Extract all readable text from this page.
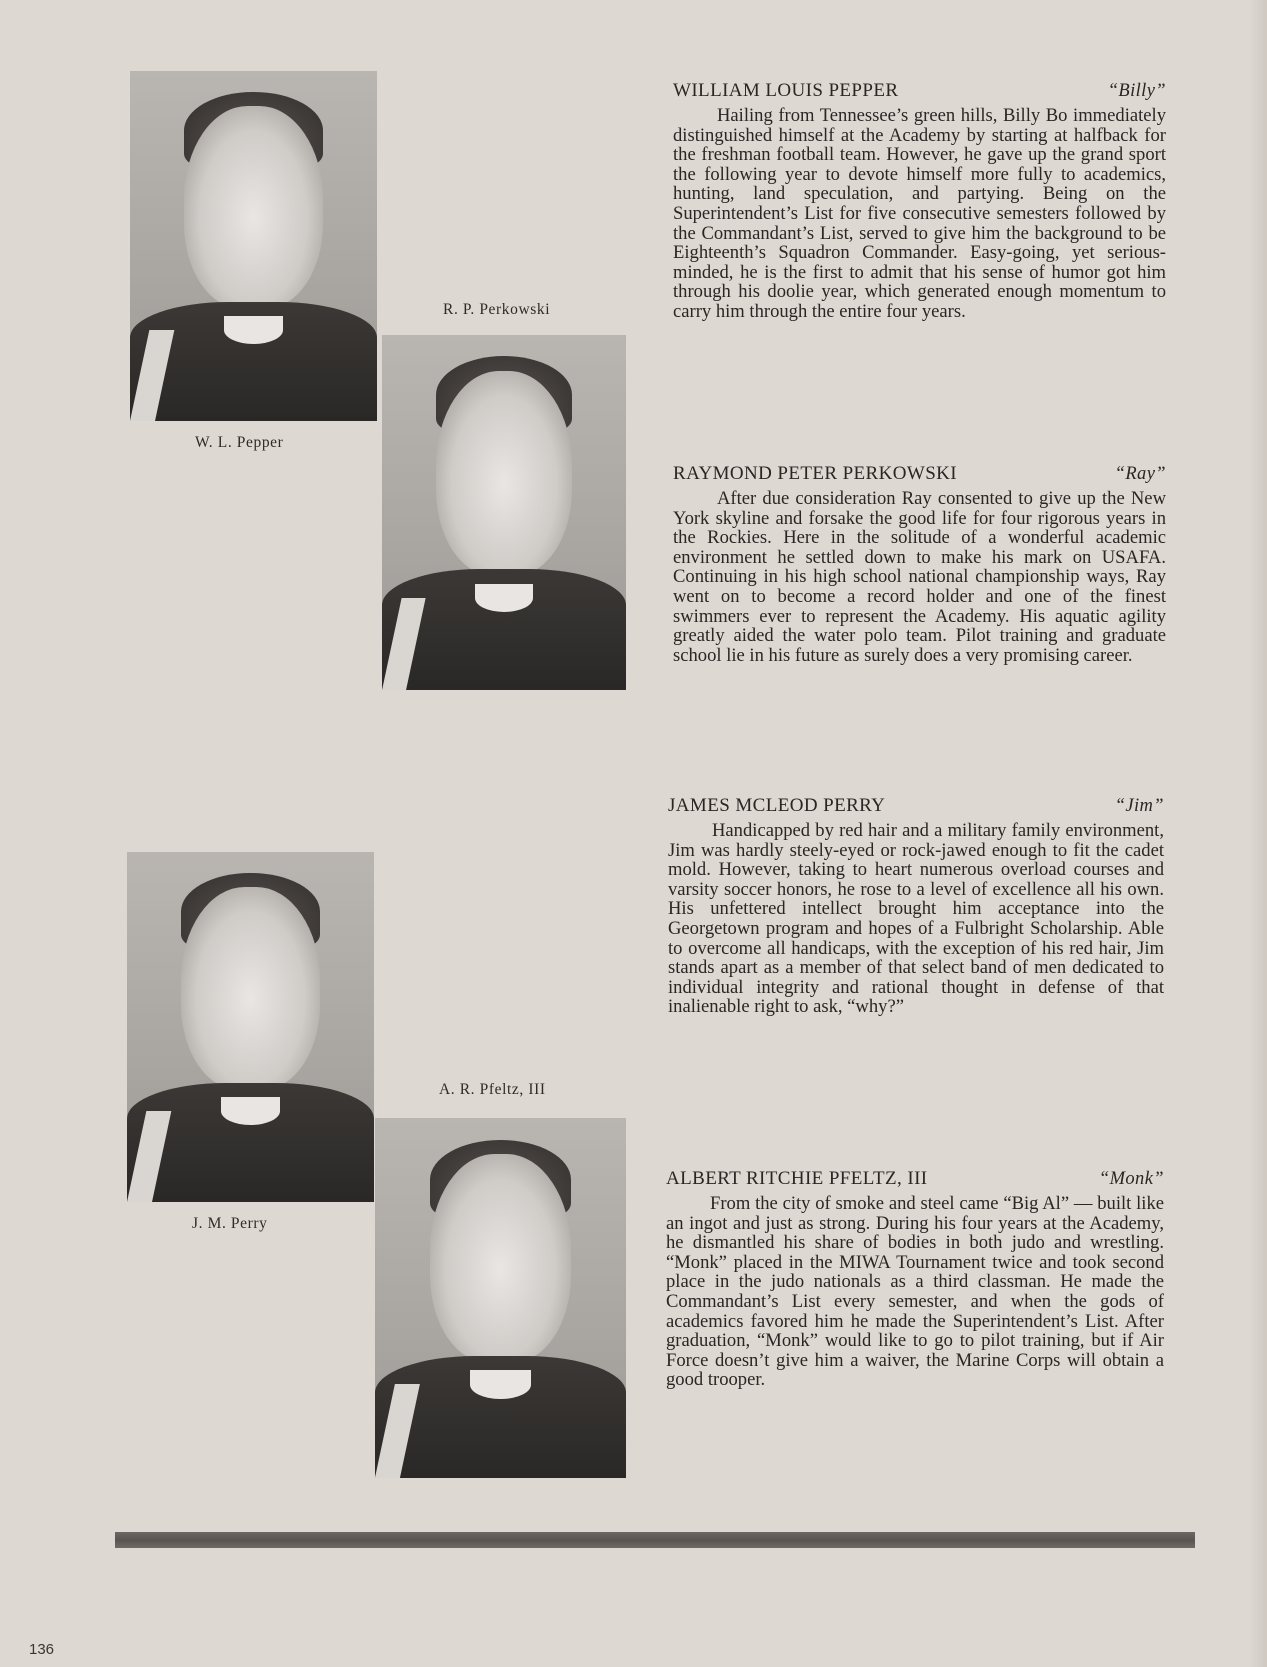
W. L. Pepper
R. P. Perkowski
J. M. Perry
A. R. Pfeltz, III
WILLIAM LOUIS PEPPER	“Billy”

Hailing from Tennessee’s green hills, Billy Bo immediately distinguished himself at the Academy by starting at halfback for the freshman football team. However, he gave up the grand sport the following year to devote himself more fully to academics, hunting, land speculation, and partying. Being on the Superintendent’s List for five consecutive semesters followed by the Commandant’s List, served to give him the background to be Eighteenth’s Squadron Commander. Easy-going, yet serious-minded, he is the first to admit that his sense of humor got him through his doolie year, which generated enough momentum to carry him through the entire four years.

RAYMOND PETER PERKOWSKI	“Ray”

After due consideration Ray consented to give up the New York skyline and forsake the good life for four rigorous years in the Rockies. Here in the solitude of a wonderful academic environment he settled down to make his mark on USAFA. Continuing in his high school national championship ways, Ray went on to become a record holder and one of the finest swimmers ever to represent the Academy. His aquatic agility greatly aided the water polo team. Pilot training and graduate school lie in his future as surely does a very promising career.

JAMES MCLEOD PERRY	“Jim”

Handicapped by red hair and a military family environment, Jim was hardly steely-eyed or rock-jawed enough to fit the cadet mold. However, taking to heart numerous overload courses and varsity soccer honors, he rose to a level of excellence all his own. His unfettered intellect brought him acceptance into the Georgetown program and hopes of a Fulbright Scholarship. Able to overcome all handicaps, with the exception of his red hair, Jim stands apart as a member of that select band of men dedicated to individual integrity and rational thought in defense of that inalienable right to ask, “why?”

ALBERT RITCHIE PFELTZ, III	“Monk”

From the city of smoke and steel came “Big Al” — built like an ingot and just as strong. During his four years at the Academy, he dismantled his share of bodies in both judo and wrestling. “Monk” placed in the MIWA Tournament twice and took second place in the judo nationals as a third classman. He made the Commandant’s List every semester, and when the gods of academics favored him he made the Superintendent’s List. After graduation, “Monk” would like to go to pilot training, but if Air Force doesn’t give him a waiver, the Marine Corps will obtain a good trooper.

136
